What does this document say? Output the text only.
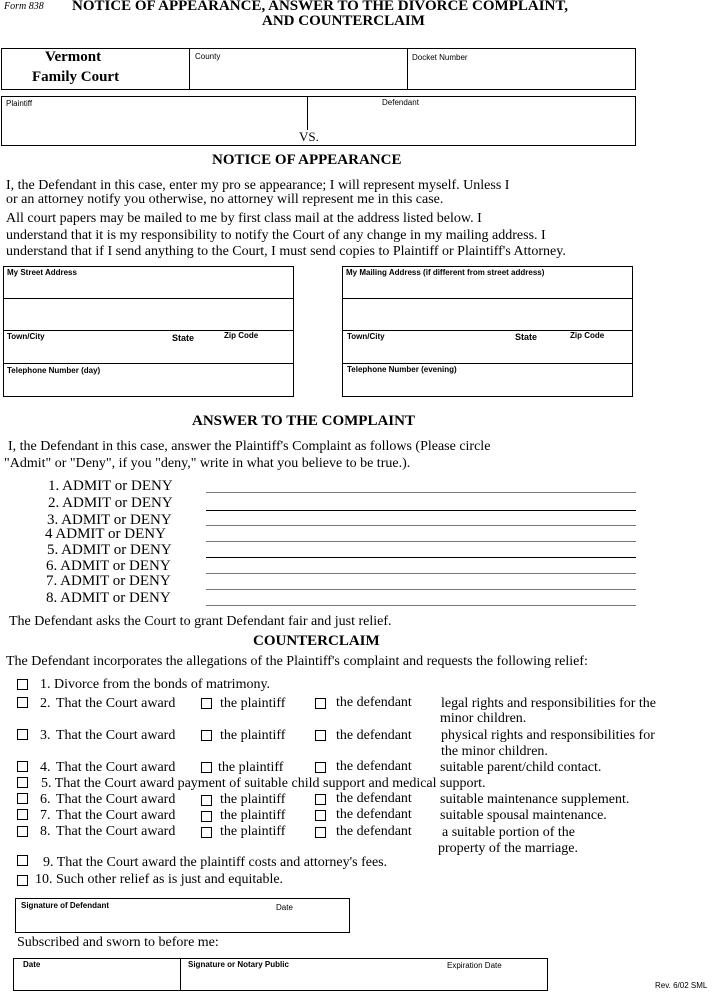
Form 838 NOTICE OF APPEARANCE, ANSWER TO THE DIVORCE COMPLAINT,
AND COUNTERCLAIM
Vermont
Family Court
County	Docket Number
Plaintiff	Defendant
VS.
NOTICE OF APPEARANCE
I, the Defendant in this case, enter my pro se appearance; I will represent myself. Unless I
or an attorney notify you otherwise, no attorney will represent me in this case.
All court papers may be mailed to me by first class mail at the address listed below. I
understand that it is my responsibility to notify the Court of any change in my mailing address. I
understand that if I send anything to the Court, I must send copies to Plaintiff or Plaintiff's Attorney.
My Street Address
Town/City	State	Zip Code
Telephone Number (day)
My Mailing Address (if different from street address)
Town/City	State	Zip Code
Telephone Number (evening)
ANSWER TO THE COMPLAINT
I, the Defendant in this case, answer the Plaintiff's Complaint as follows (Please circle
"Admit" or "Deny", if you "deny," write in what you believe to be true.).
1. ADMIT or DENY
2. ADMIT or DENY
3. ADMIT or DENY
4 ADMIT or DENY
5. ADMIT or DENY
6. ADMIT or DENY
7. ADMIT or DENY
8. ADMIT or DENY
The Defendant asks the Court to grant Defendant fair and just relief.
COUNTERCLAIM
The Defendant incorporates the allegations of the Plaintiff's complaint and requests the following relief:
1. Divorce from the bonds of matrimony.
2. That the Court award	the plaintiff	the defendant legal rights and responsibilities for the
minor children.
3. That the Court award	the plaintiff	the defendant physical rights and responsibilities for
the minor children.
4. That the Court award	the plaintiff	the defendant suitable parent/child contact.
5. That the Court award payment of suitable child support and medical support.
6. That the Court award	the plaintiff	the defendant suitable maintenance supplement.
7. That the Court award	the plaintiff	the defendant suitable spousal maintenance.
8. That the Court award	the plaintiff	the defendant a suitable portion of the
property of the marriage.
9. That the Court award the plaintiff costs and attorney's fees.
10. Such other relief as is just and equitable.
Signature of Defendant	Date
Subscribed and sworn to before me:
Date	Signature or Notary Public	Expiration Date
Rev. 6/02 SML
